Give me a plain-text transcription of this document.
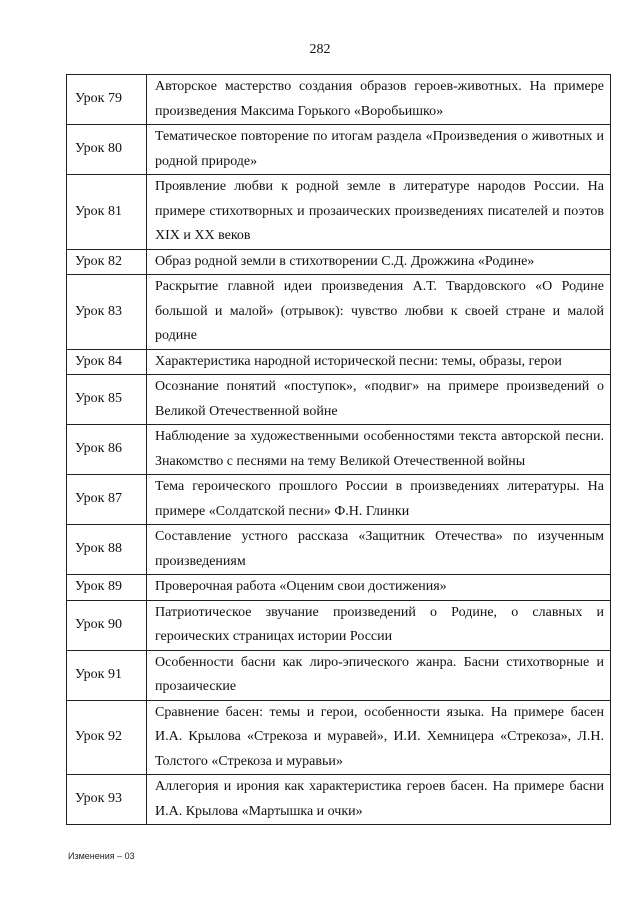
282
Урок 79	Авторское мастерство создания образов героев-животных. На примере произведения Максима Горького «Воробьишко»
Урок 80	Тематическое повторение по итогам раздела «Произведения о животных и родной природе»
Урок 81	Проявление любви к родной земле в литературе народов России. На примере стихотворных и прозаических произведениях писателей и поэтов XIX и XX веков
Урок 82	Образ родной земли в стихотворении С.Д. Дрожжина «Родине»
Урок 83	Раскрытие главной идеи произведения А.Т. Твардовского «О Родине большой и малой» (отрывок): чувство любви к своей стране и малой родине
Урок 84	Характеристика народной исторической песни: темы, образы, герои
Урок 85	Осознание понятий «поступок», «подвиг» на примере произведений о Великой Отечественной войне
Урок 86	Наблюдение за художественными особенностями текста авторской песни. Знакомство с песнями на тему Великой Отечественной войны
Урок 87	Тема героического прошлого России в произведениях литературы. На примере «Солдатской песни» Ф.Н. Глинки
Урок 88	Составление устного рассказа «Защитник Отечества» по изученным произведениям
Урок 89	Проверочная работа «Оценим свои достижения»
Урок 90	Патриотическое звучание произведений о Родине, о славных и героических страницах истории России
Урок 91	Особенности басни как лиро-эпического жанра. Басни стихотворные и прозаические
Урок 92	Сравнение басен: темы и герои, особенности языка. На примере басен И.А. Крылова «Стрекоза и муравей», И.И. Хемницера «Стрекоза», Л.Н. Толстого «Стрекоза и муравьи»
Урок 93	Аллегория и ирония как характеристика героев басен. На примере басни И.А. Крылова «Мартышка и очки»
Изменения – 03
